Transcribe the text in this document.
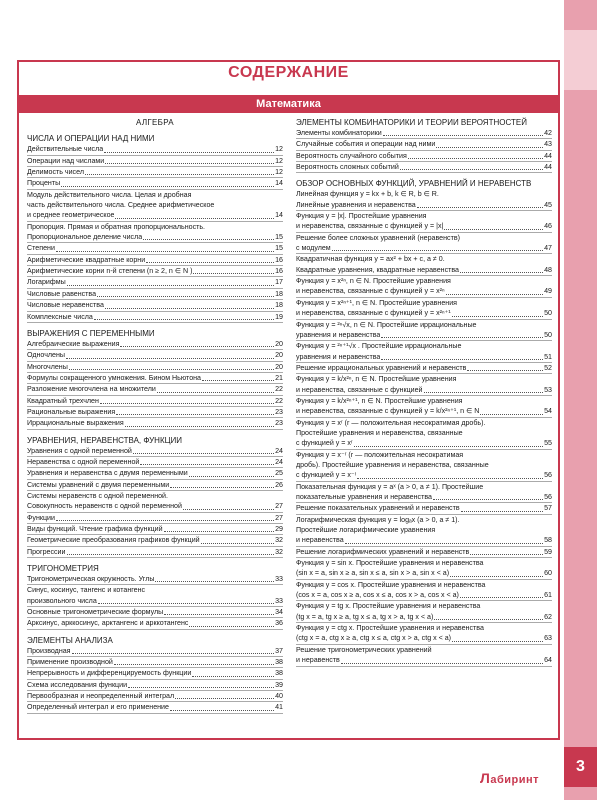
3
СОДЕРЖАНИЕ
Математика
АЛГЕБРА
ЧИСЛА И ОПЕРАЦИИ НАД НИМИ
Действительные числа	12
Операции над числами	12
Делимость чисел	12
Проценты	14
Модуль действительного числа. Целая и дробная
часть действительного числа. Среднее арифметическое
и среднее геометрическое	14
Пропорция. Прямая и обратная пропорциональность.
Пропорциональное деление числа	15
Степени	15
Арифметические квадратные корни	16
Арифметические корни n-й степени (n ≥ 2, n ∈ N )	16
Логарифмы	17
Числовые равенства	18
Числовые неравенства	18
Комплексные числа	19
ВЫРАЖЕНИЯ С ПЕРЕМЕННЫМИ
Алгебраические выражения	20
Одночлены	20
Многочлены	20
Формулы сокращенного умножения. Бином Ньютона	21
Разложение многочлена на множители	22
Квадратный трехчлен	22
Рациональные выражения	23
Иррациональные выражения	23
УРАВНЕНИЯ, НЕРАВЕНСТВА, ФУНКЦИИ
Уравнения с одной переменной	24
Неравенства с одной переменной	24
Уравнения и неравенства с двумя переменными	25
Системы уравнений с двумя переменными	26
Системы неравенств с одной переменной.
Совокупность неравенств с одной переменной	27
Функции	27
Виды функций. Чтение графика функций	29
Геометрические преобразования графиков функций	32
Прогрессии	32
ТРИГОНОМЕТРИЯ
Тригонометрическая окружность. Углы	33
Синус, косинус, тангенс и котангенс
произвольного числа	33
Основные тригонометрические формулы	34
Арксинус, арккосинус, арктангенс и арккотангенс	36
ЭЛЕМЕНТЫ АНАЛИЗА
Производная	37
Применение производной	38
Непрерывность и дифференцируемость функции	38
Схема исследования функции	39
Первообразная и неопределенный интеграл	40
Определенный интеграл и его применение	41
ЭЛЕМЕНТЫ КОМБИНАТОРИКИ И ТЕОРИИ ВЕРОЯТНОСТЕЙ
Элементы комбинаторики	42
Случайные события и операции над ними	43
Вероятность случайного события	44
Вероятность сложных событий	44
ОБЗОР ОСНОВНЫХ ФУНКЦИЙ, УРАВНЕНИЙ И НЕРАВЕНСТВ
Линейная функция y = kx + b, k ∈ R, b ∈ R.
Линейные уравнения и неравенства	45
Функция y = |x|. Простейшие уравнения
и неравенства, связанные с функцией y = |x|	46
Решение более сложных уравнений (неравенств)
с модулем	47
Квадратичная функция y = ax² + bx + c, a ≠ 0.
Квадратные уравнения, квадратные неравенства	48
Функция y = x²ⁿ, n ∈ N. Простейшие уравнения
и неравенства, связанные с функцией y = x²ⁿ	49
Функция y = x²ⁿ⁺¹, n ∈ N. Простейшие уравнения
и неравенства, связанные с функцией y = x²ⁿ⁺¹	50
Функция y = ²ⁿ√x, n ∈ N. Простейшие иррациональные
уравнения и неравенства	50
Функция y = ²ⁿ⁺¹√x . Простейшие иррациональные
уравнения и неравенства	51
Решение иррациональных уравнений и неравенств	52
Функция y = k/x²ⁿ, n ∈ N. Простейшие уравнения
и неравенства, связанные с функцией	53
Функция y = k/x²ⁿ⁺¹, n ∈ N. Простейшие уравнения
и неравенства, связанные с функцией y = k/x²ⁿ⁺¹, n ∈ N	54
Функция y = xʳ (r — положительная несократимая дробь).
Простейшие уравнения и неравенства, связанные
с функцией y = xʳ	55
Функция y = x⁻ʳ (r — положительная несократимая
дробь). Простейшие уравнения и неравенства, связанные
с функцией y = x⁻ʳ	56
Показательная функция y = aˣ (a > 0, a ≠ 1). Простейшие
показательные уравнения и неравенства	56
Решение показательных уравнений и неравенств	57
Логарифмическая функция y = logₐx (a > 0, a ≠ 1).
Простейшие логарифмические уравнения
и неравенства	58
Решение логарифмических уравнений и неравенств	59
Функция y = sin x. Простейшие уравнения и неравенства
(sin x = a, sin x ≥ a, sin x ≤ a, sin x > a, sin x < a)	60
Функция y = cos x. Простейшие уравнения и неравенства
(cos x = a, cos x ≥ a, cos x ≤ a, cos x > a, cos x < a)	61
Функция y = tg x. Простейшие уравнения и неравенства
(tg x = a, tg x ≥ a, tg x ≤ a, tg x > a, tg x < a)	62
Функция y = ctg x. Простейшие уравнения и неравенства
(ctg x = a, ctg x ≥ a, ctg x ≤ a, ctg x > a, ctg x < a)	63
Решение тригонометрических уравнений
и неравенств	64
Лабиринт
